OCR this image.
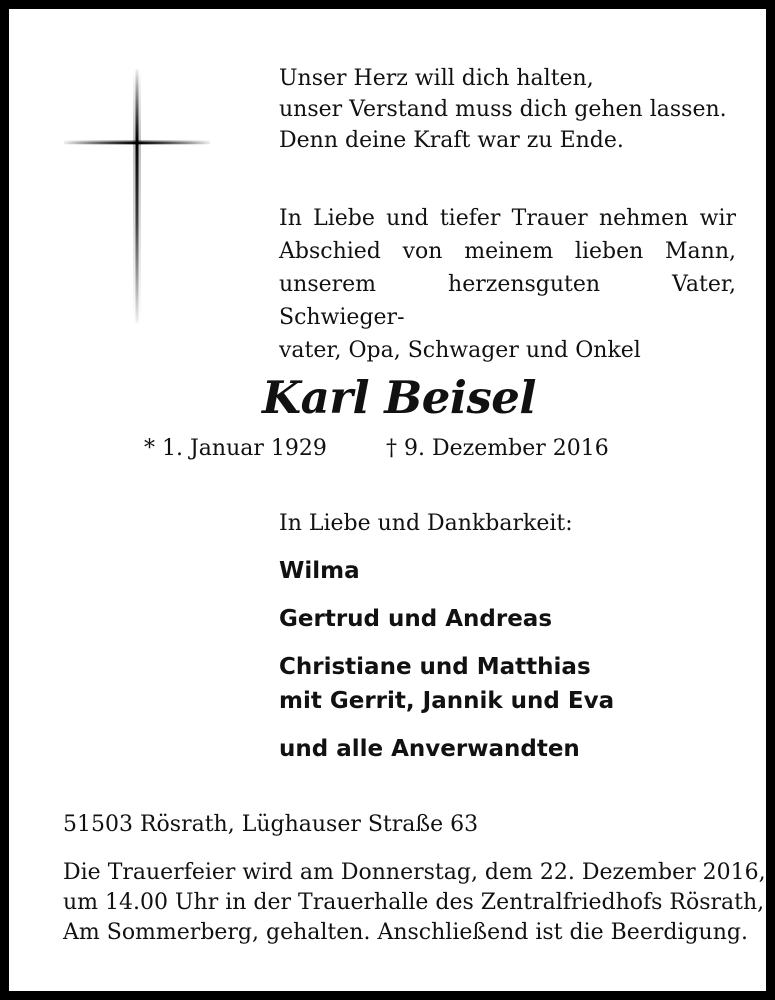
Unser Herz will dich halten,
unser Verstand muss dich gehen lassen.
Denn deine Kraft war zu Ende.

In Liebe und tiefer Trauer nehmen wir
Abschied von meinem lieben Mann,
unserem herzensguten Vater, Schwieger-
vater, Opa, Schwager und Onkel

Karl Beisel

* 1. Januar 1929	† 9. Dezember 2016

In Liebe und Dankbarkeit:

Wilma
Gertrud und Andreas
Christiane und Matthias
mit Gerrit, Jannik und Eva
und alle Anverwandten

51503 Rösrath, Lüghauser Straße 63

Die Trauerfeier wird am Donnerstag, dem 22. Dezember 2016,
um 14.00 Uhr in der Trauerhalle des Zentralfriedhofs Rösrath,
Am Sommerberg, gehalten. Anschließend ist die Beerdigung.
